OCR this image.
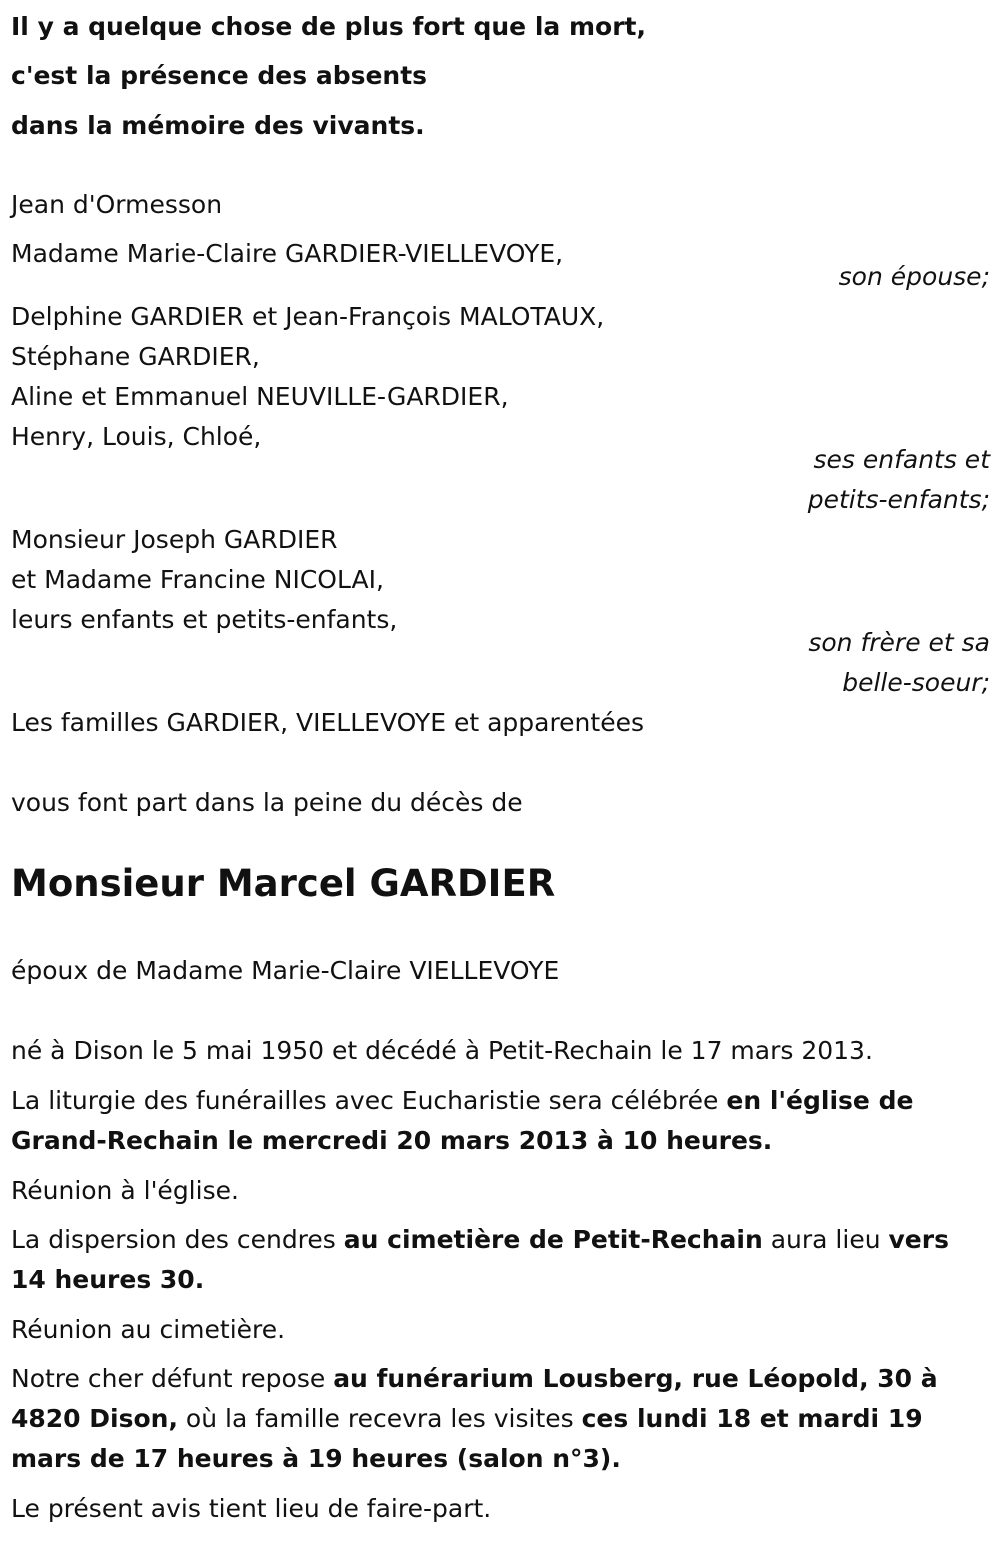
Il y a quelque chose de plus fort que la mort,
c'est la présence des absents
dans la mémoire des vivants.
Jean d'Ormesson
Madame Marie-Claire GARDIER-VIELLEVOYE,
son épouse;
Delphine GARDIER et Jean-François MALOTAUX,
Stéphane GARDIER,
Aline et Emmanuel NEUVILLE-GARDIER,
Henry, Louis, Chloé,
ses enfants et
petits-enfants;
Monsieur Joseph GARDIER
et Madame Francine NICOLAI,
leurs enfants et petits-enfants,
son frère et sa
belle-soeur;
Les familles GARDIER, VIELLEVOYE et apparentées
vous font part dans la peine du décès de
Monsieur Marcel GARDIER
époux de Madame Marie-Claire VIELLEVOYE
né à Dison le 5 mai 1950 et décédé à Petit-Rechain le 17 mars 2013.
La liturgie des funérailles avec Eucharistie sera célébrée en l'église de
Grand-Rechain le mercredi 20 mars 2013 à 10 heures.
Réunion à l'église.
La dispersion des cendres au cimetière de Petit-Rechain aura lieu vers
14 heures 30.
Réunion au cimetière.
Notre cher défunt repose au funérarium Lousberg, rue Léopold, 30 à
4820 Dison, où la famille recevra les visites ces lundi 18 et mardi 19
mars de 17 heures à 19 heures (salon n°3).
Le présent avis tient lieu de faire-part.
